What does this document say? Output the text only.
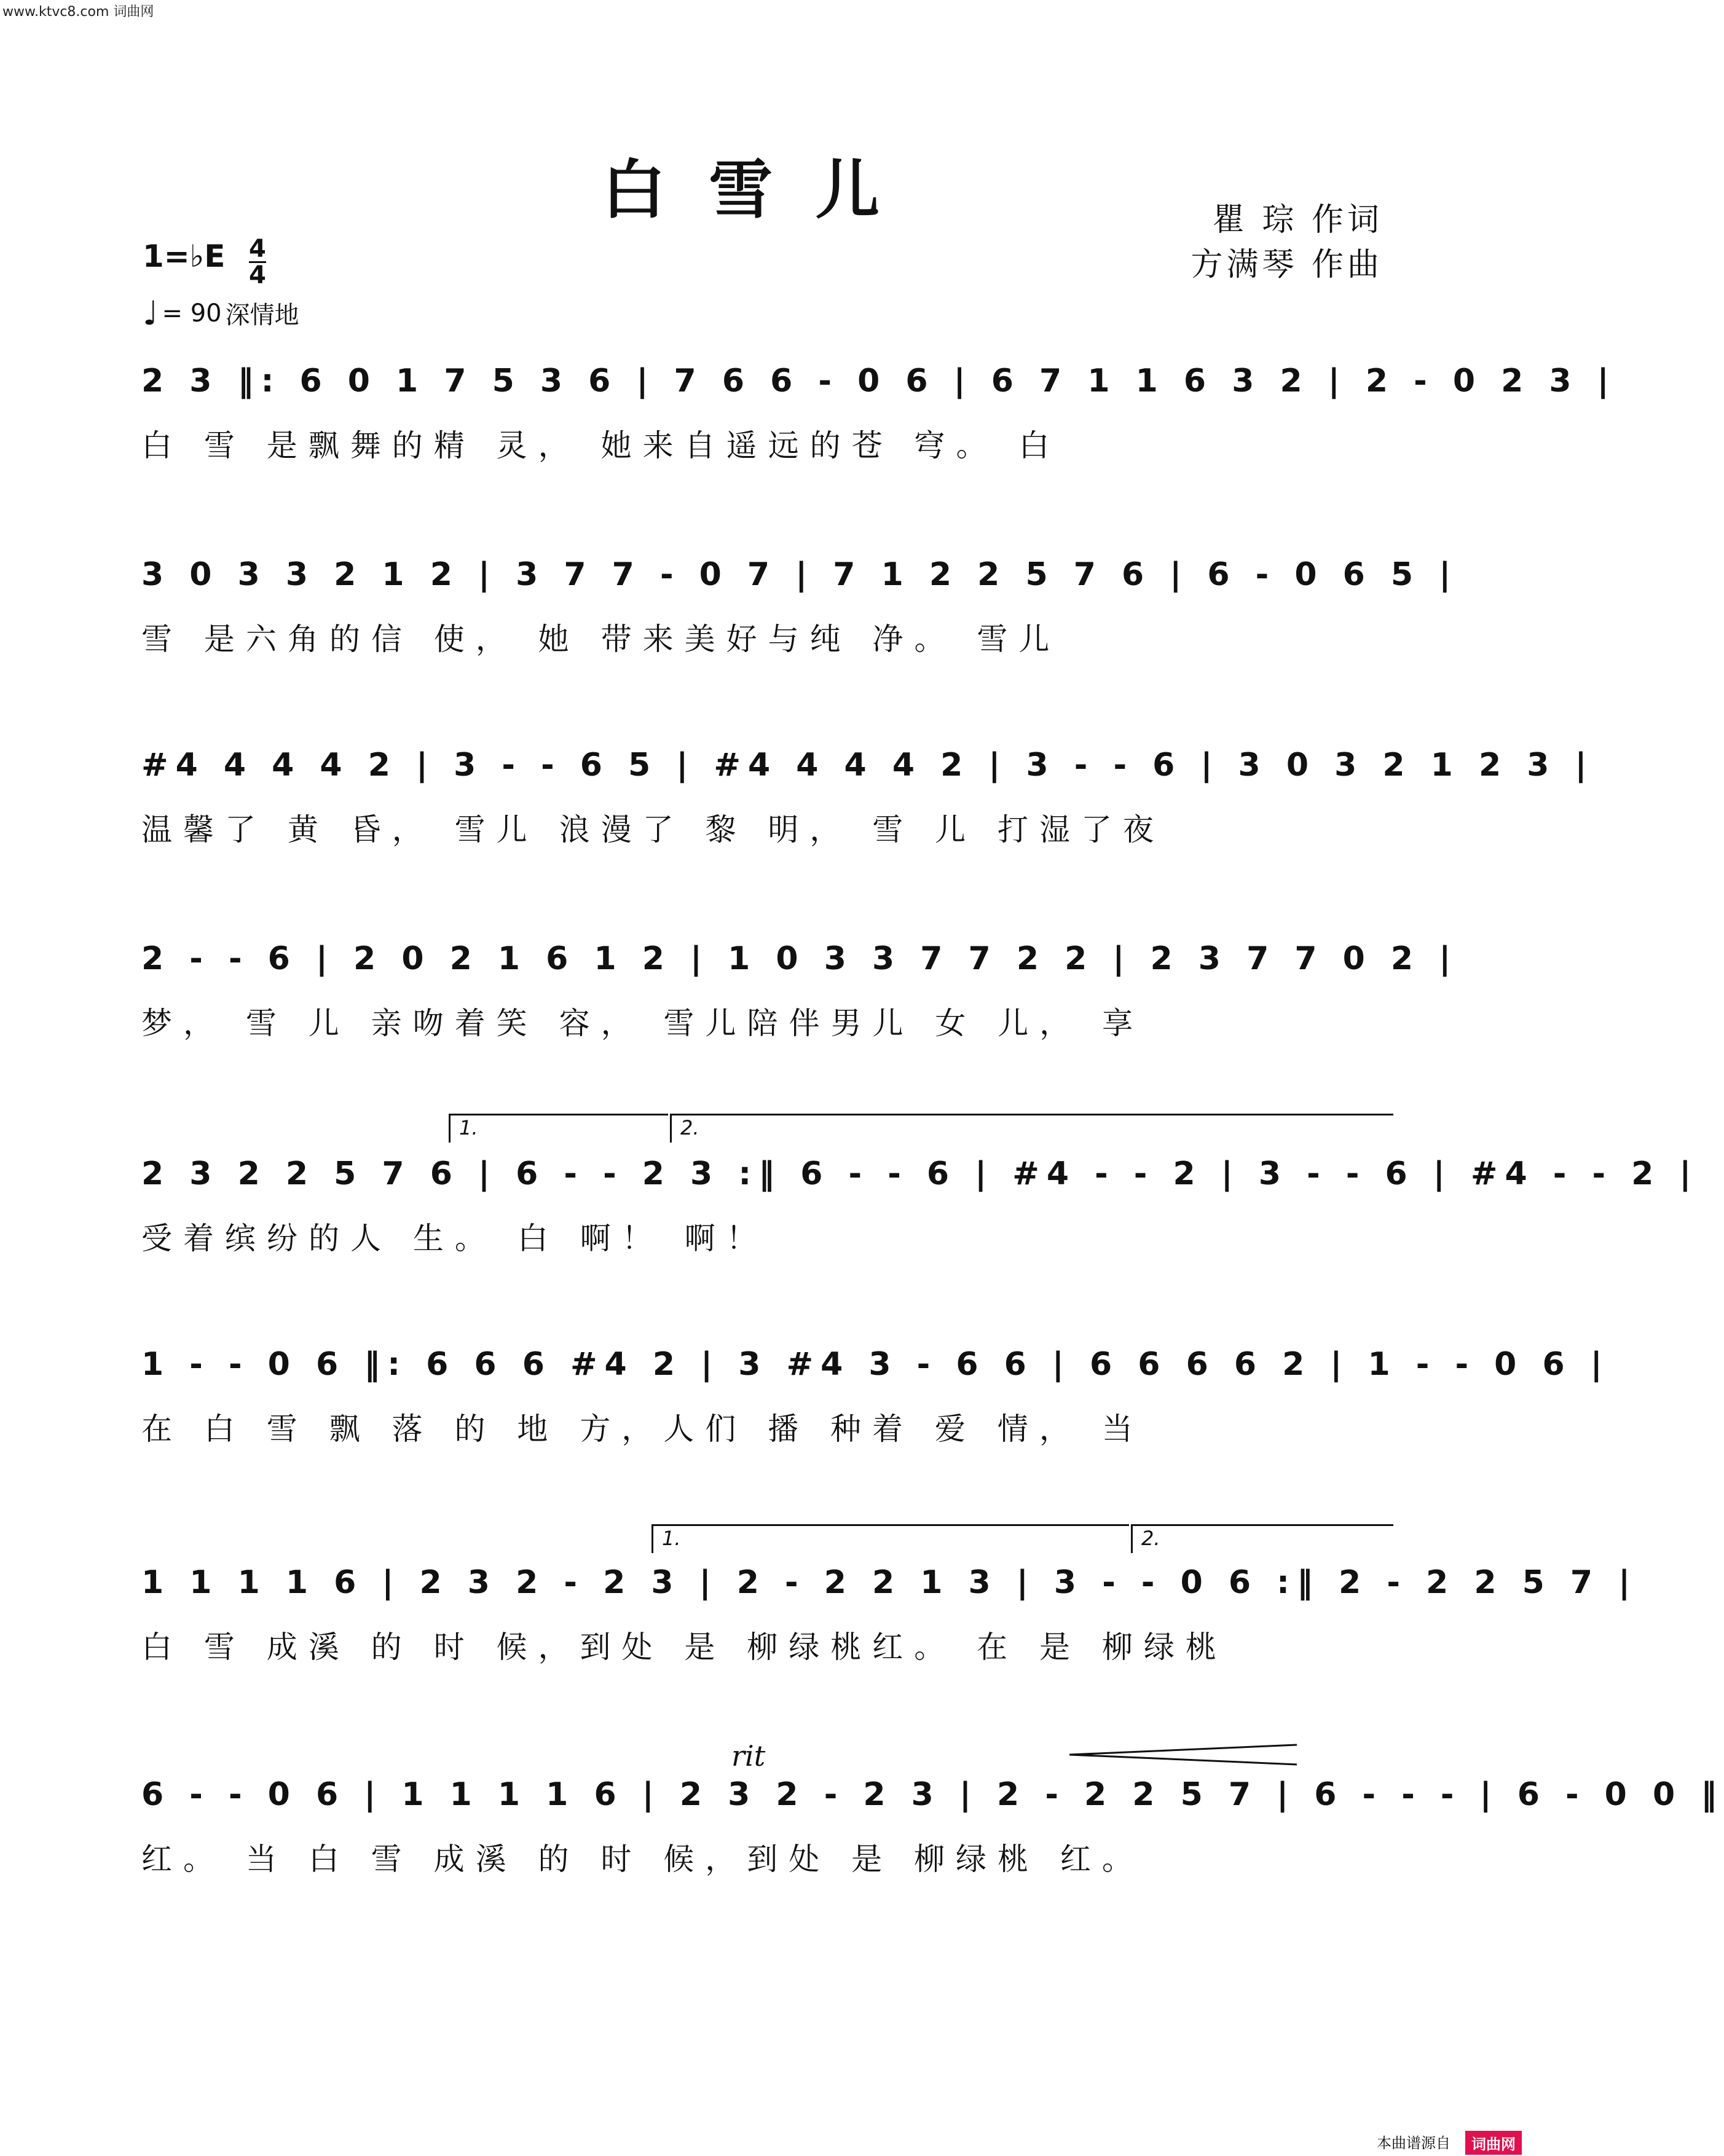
www.ktvc8.com 词曲网
白雪儿	瞿 琮 作词
方满琴 作曲
1=♭E 4
4
♩ = 90 深情地
2 3 ‖: 6 0 1 7 5 3 6 | 7 6 6 - 0 6 | 6 7 1 1 6 3 2 | 2 - 0 2 3 |
白 雪 是飘舞的精 灵， 她来自遥远的苍 穹。 白
3 0 3 3 2 1 2 | 3 7 7 - 0 7 | 7 1 2 2 5 7 6 | 6 - 0 6 5 |
雪 是六角的信 使， 她 带来美好与纯 净。 雪儿
#4 4 4 4 2 | 3 - - 6 5 | #4 4 4 4 2 | 3 - - 6 | 3 0 3 2 1 2 3 |
温馨了 黄 昏， 雪儿 浪漫了 黎 明， 雪 儿 打湿了夜
2 - - 6 | 2 0 2 1 6 1 2 | 1 0 3 3 7 7 2 2 | 2 3 7 7 0 2 |
梦， 雪 儿 亲吻着笑 容， 雪儿陪伴男儿 女 儿， 享
1.	2.
2 3 2 2 5 7 6 | 6 - - 2 3 :‖ 6 - - 6 | #4 - - 2 | 3 - - 6 | #4 - - 2 |
受着缤纷的人 生。 白 啊！ 啊！
1 - - 0 6 ‖: 6 6 6 #4 2 | 3 #4 3 - 6 6 | 6 6 6 6 2 | 1 - - 0 6 |
在 白 雪 飘 落 的 地 方，人们 播 种着 爱 情， 当
1.	2.
1 1 1 1 6 | 2 3 2 - 2 3 | 2 - 2 2 1 3 | 3 - - 0 6 :‖ 2 - 2 2 5 7 |
白 雪 成溪 的 时 候，到处 是 柳绿桃红。 在 是 柳绿桃
rit
6 - - 0 6 | 1 1 1 1 6 | 2 3 2 - 2 3 | 2 - 2 2 5 7 | 6 - - - | 6 - 0 0 ‖
红。 当 白 雪 成溪 的 时 候，到处 是 柳绿桃 红。
本曲谱源自	词曲网
